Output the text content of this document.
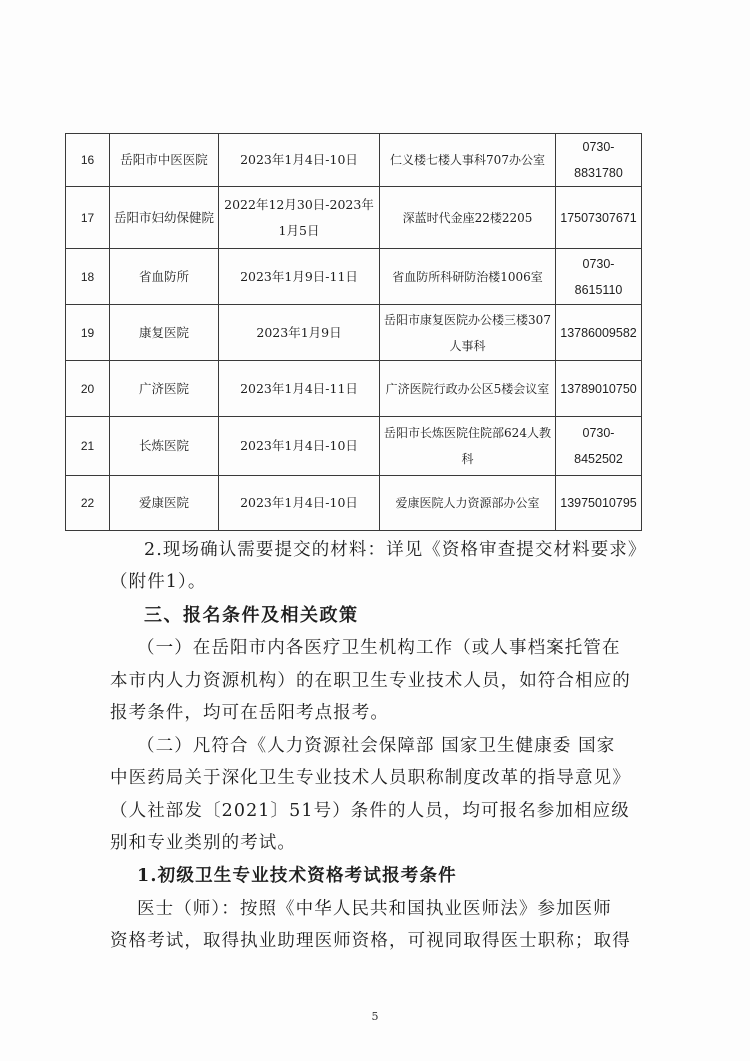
16	岳阳市中医医院	2023年1月4日-10日	仁义楼七楼人事科707办公室	0730-8831780
17	岳阳市妇幼保健院	2022年12月30日-2023年1月5日	深蓝时代金座22楼2205	17507307671
18	省血防所	2023年1月9日-11日	省血防所科研防治楼1006室	0730-8615110
19	康复医院	2023年1月9日	岳阳市康复医院办公楼三楼307人事科	13786009582
20	广济医院	2023年1月4日-11日	广济医院行政办公区5楼会议室	13789010750
21	长炼医院	2023年1月4日-10日	岳阳市长炼医院住院部624人教科	0730-8452502
22	爱康医院	2023年1月4日-10日	爱康医院人力资源部办公室	13975010795
2.现场确认需要提交的材料：详见《资格审查提交材料要求》
（附件1）。
三、报名条件及相关政策
（一）在岳阳市内各医疗卫生机构工作（或人事档案托管在
本市内人力资源机构）的在职卫生专业技术人员，如符合相应的
报考条件，均可在岳阳考点报考。
（二）凡符合《人力资源社会保障部 国家卫生健康委 国家
中医药局关于深化卫生专业技术人员职称制度改革的指导意见》
（人社部发〔2021〕51号）条件的人员，均可报名参加相应级
别和专业类别的考试。
1.初级卫生专业技术资格考试报考条件
医士（师）：按照《中华人民共和国执业医师法》参加医师
资格考试，取得执业助理医师资格，可视同取得医士职称；取得
5
